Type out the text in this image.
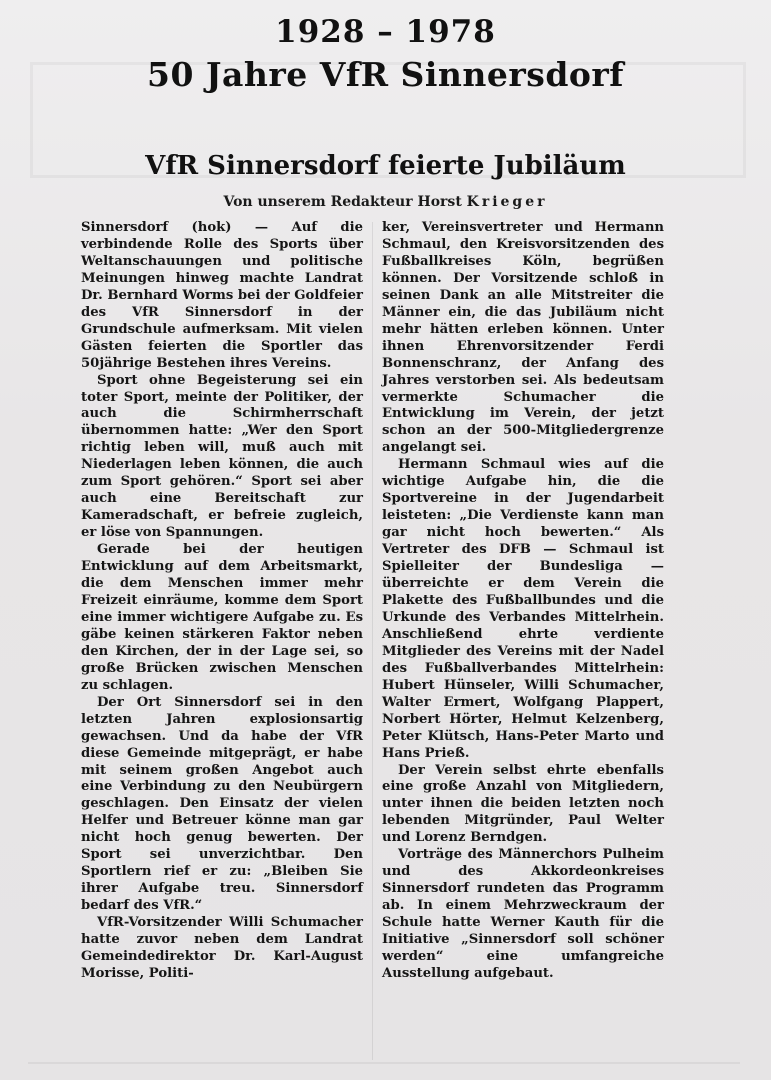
1928 – 1978
50 Jahre VfR Sinnersdorf
VfR Sinnersdorf feierte Jubiläum
Von unserem Redakteur Horst Krieger

Sinnersdorf (hok) — Auf die verbindende Rolle des Sports über Weltanschauungen und politische Meinungen hinweg machte Landrat Dr. Bernhard Worms bei der Goldfeier des VfR Sinnersdorf in der Grundschule aufmerksam. Mit vielen Gästen feierten die Sportler das 50jährige Bestehen ihres Vereins.

Sport ohne Begeisterung sei ein toter Sport, meinte der Politiker, der auch die Schirmherrschaft übernommen hatte: „Wer den Sport richtig leben will, muß auch mit Niederlagen leben können, die auch zum Sport gehören.“ Sport sei aber auch eine Bereitschaft zur Kameradschaft, er befreie zugleich, er löse von Spannungen.

Gerade bei der heutigen Entwicklung auf dem Arbeitsmarkt, die dem Menschen immer mehr Freizeit einräume, komme dem Sport eine immer wichtigere Aufgabe zu. Es gäbe keinen stärkeren Faktor neben den Kirchen, der in der Lage sei, so große Brücken zwischen Menschen zu schlagen.

Der Ort Sinnersdorf sei in den letzten Jahren explosionsartig gewachsen. Und da habe der VfR diese Gemeinde mitgeprägt, er habe mit seinem großen Angebot auch eine Verbindung zu den Neubürgern geschlagen. Den Einsatz der vielen Helfer und Betreuer könne man gar nicht hoch genug bewerten. Der Sport sei unverzichtbar. Den Sportlern rief er zu: „Bleiben Sie ihrer Aufgabe treu. Sinnersdorf bedarf des VfR.“

VfR-Vorsitzender Willi Schumacher hatte zuvor neben dem Landrat Gemeindedirektor Dr. Karl-August Morisse, Politi-

ker, Vereinsvertreter und Hermann Schmaul, den Kreisvorsitzenden des Fußballkreises Köln, begrüßen können. Der Vorsitzende schloß in seinen Dank an alle Mitstreiter die Männer ein, die das Jubiläum nicht mehr hätten erleben können. Unter ihnen Ehrenvorsitzender Ferdi Bonnenschranz, der Anfang des Jahres verstorben sei. Als bedeutsam vermerkte Schumacher die Entwicklung im Verein, der jetzt schon an der 500-Mitgliedergrenze angelangt sei.

Hermann Schmaul wies auf die wichtige Aufgabe hin, die die Sportvereine in der Jugendarbeit leisteten: „Die Verdienste kann man gar nicht hoch bewerten.“ Als Vertreter des DFB — Schmaul ist Spielleiter der Bundesliga — überreichte er dem Verein die Plakette des Fußballbundes und die Urkunde des Verbandes Mittelrhein. Anschließend ehrte verdiente Mitglieder des Vereins mit der Nadel des Fußballverbandes Mittelrhein: Hubert Hünseler, Willi Schumacher, Walter Ermert, Wolfgang Plappert, Norbert Hörter, Helmut Kelzenberg, Peter Klütsch, Hans-Peter Marto und Hans Prieß.

Der Verein selbst ehrte ebenfalls eine große Anzahl von Mitgliedern, unter ihnen die beiden letzten noch lebenden Mitgründer, Paul Welter und Lorenz Berndgen.

Vorträge des Männerchors Pulheim und des Akkordeonkreises Sinnersdorf rundeten das Programm ab. In einem Mehrzweckraum der Schule hatte Werner Kauth für die Initiative „Sinnersdorf soll schöner werden“ eine umfangreiche Ausstellung aufgebaut.
